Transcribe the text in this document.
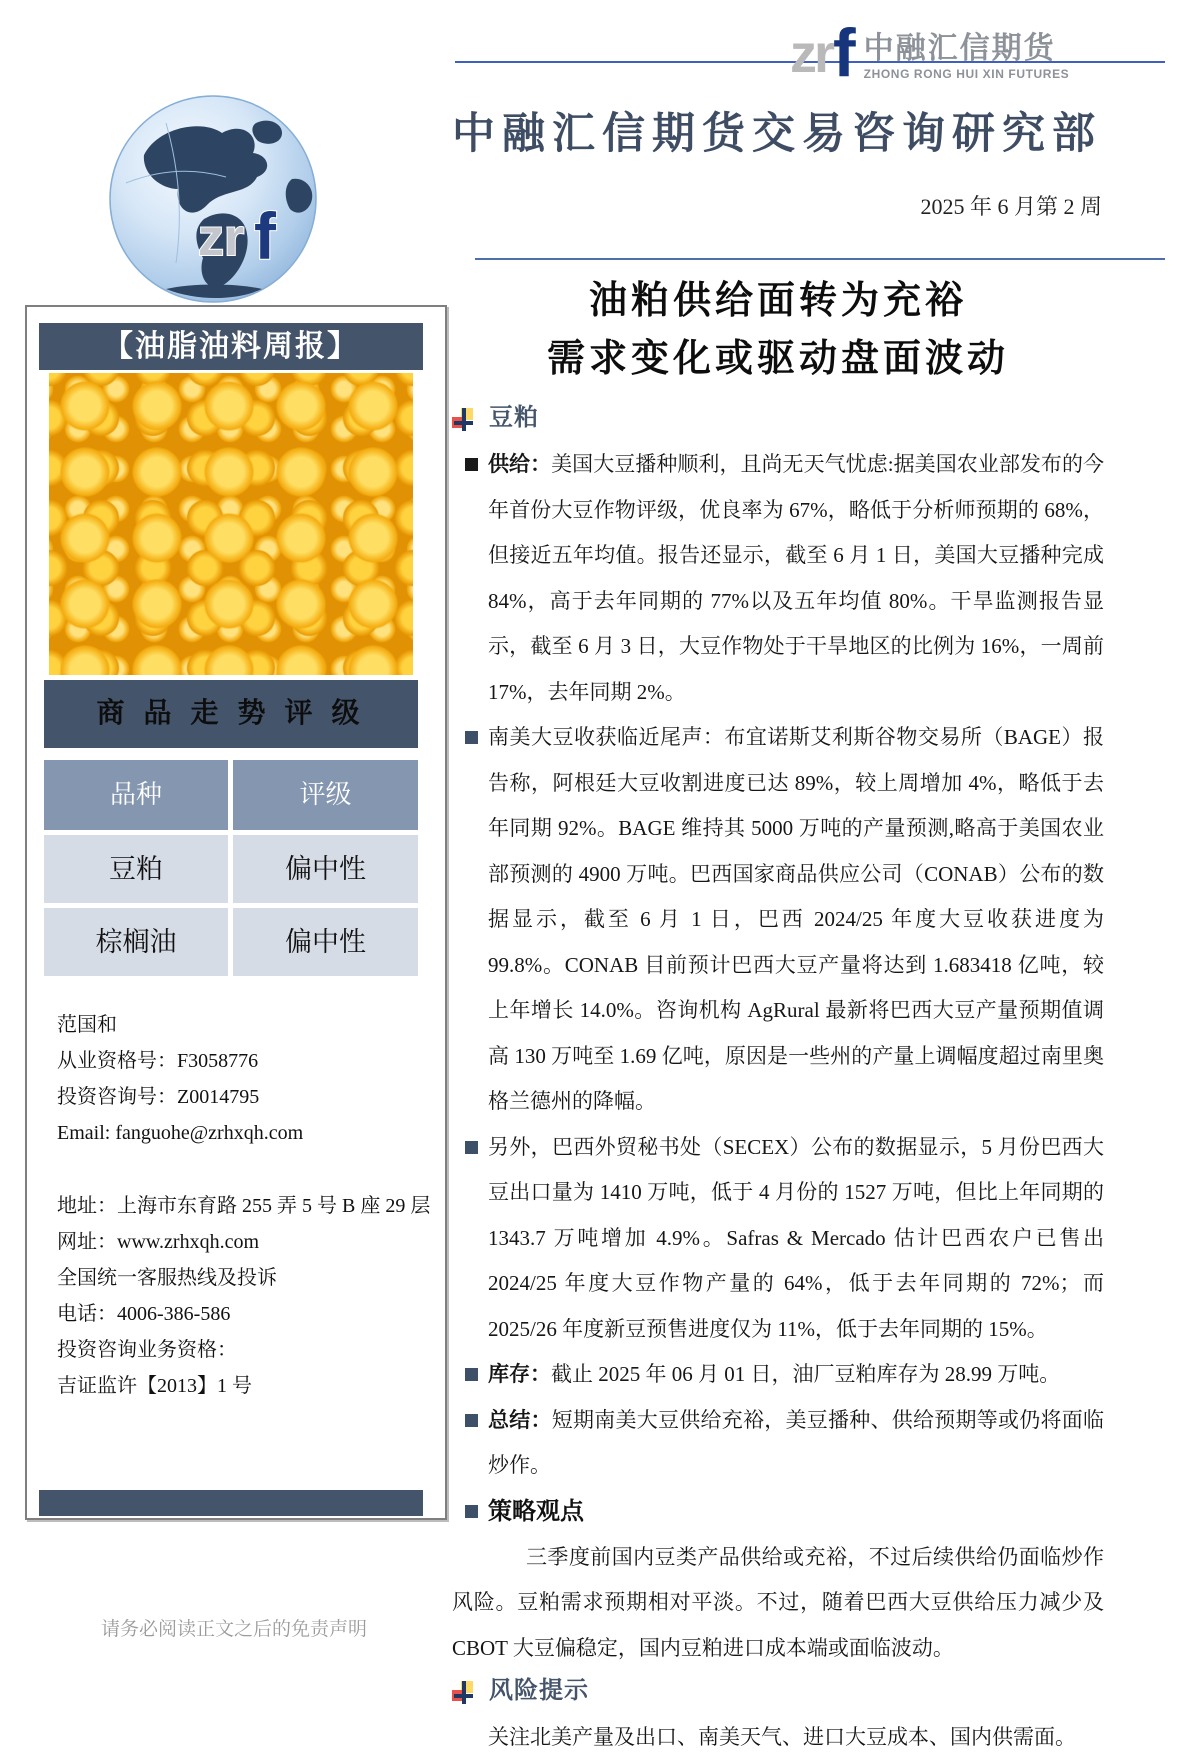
zr f 中融汇信期货
ZHONG RONG HUI XIN FUTURES
中融汇信期货交易咨询研究部
2025 年 6 月第 2 周
zr f
【油脂油料周报】
商 品 走 势 评 级
品种	评级
豆粕	偏中性
棕榈油	偏中性
范国和
从业资格号：F3058776
投资咨询号：Z0014795
Email: fanguohe@zrhxqh.com
地址：上海市东育路 255 弄 5 号 B 座 29 层
网址：www.zrhxqh.com
全国统一客服热线及投诉
电话：4006-386-586
投资咨询业务资格：
吉证监许【2013】1 号
请务必阅读正文之后的免责声明
油粕供给面转为充裕
需求变化或驱动盘面波动
豆粕
供给：美国大豆播种顺利，且尚无天气忧虑:据美国农业部发布的今年首份大豆作物评级，优良率为 67%，略低于分析师预期的 68%，但接近五年均值。报告还显示，截至 6 月 1 日，美国大豆播种完成 84%，高于去年同期的 77%以及五年均值 80%。干旱监测报告显示，截至 6 月 3 日，大豆作物处于干旱地区的比例为 16%，一周前 17%，去年同期 2%。
南美大豆收获临近尾声：布宜诺斯艾利斯谷物交易所（BAGE）报告称，阿根廷大豆收割进度已达 89%，较上周增加 4%，略低于去年同期 92%。BAGE 维持其 5000 万吨的产量预测,略高于美国农业部预测的 4900 万吨。巴西国家商品供应公司（CONAB）公布的数据显示，截至 6 月 1 日，巴西 2024/25 年度大豆收获进度为 99.8%。CONAB 目前预计巴西大豆产量将达到 1.683418 亿吨，较上年增长 14.0%。咨询机构 AgRural 最新将巴西大豆产量预期值调高 130 万吨至 1.69 亿吨，原因是一些州的产量上调幅度超过南里奥格兰德州的降幅。
另外，巴西外贸秘书处（SECEX）公布的数据显示，5 月份巴西大豆出口量为 1410 万吨，低于 4 月份的 1527 万吨，但比上年同期的 1343.7 万吨增加 4.9%。Safras & Mercado 估计巴西农户已售出 2024/25 年度大豆作物产量的 64%，低于去年同期的 72%；而 2025/26 年度新豆预售进度仅为 11%，低于去年同期的 15%。
库存：截止 2025 年 06 月 01 日，油厂豆粕库存为 28.99 万吨。
总结：短期南美大豆供给充裕，美豆播种、供给预期等或仍将面临炒作。
策略观点
三季度前国内豆类产品供给或充裕，不过后续供给仍面临炒作风险。豆粕需求预期相对平淡。不过，随着巴西大豆供给压力减少及 CBOT 大豆偏稳定，国内豆粕进口成本端或面临波动。
风险提示
关注北美产量及出口、南美天气、进口大豆成本、国内供需面。
